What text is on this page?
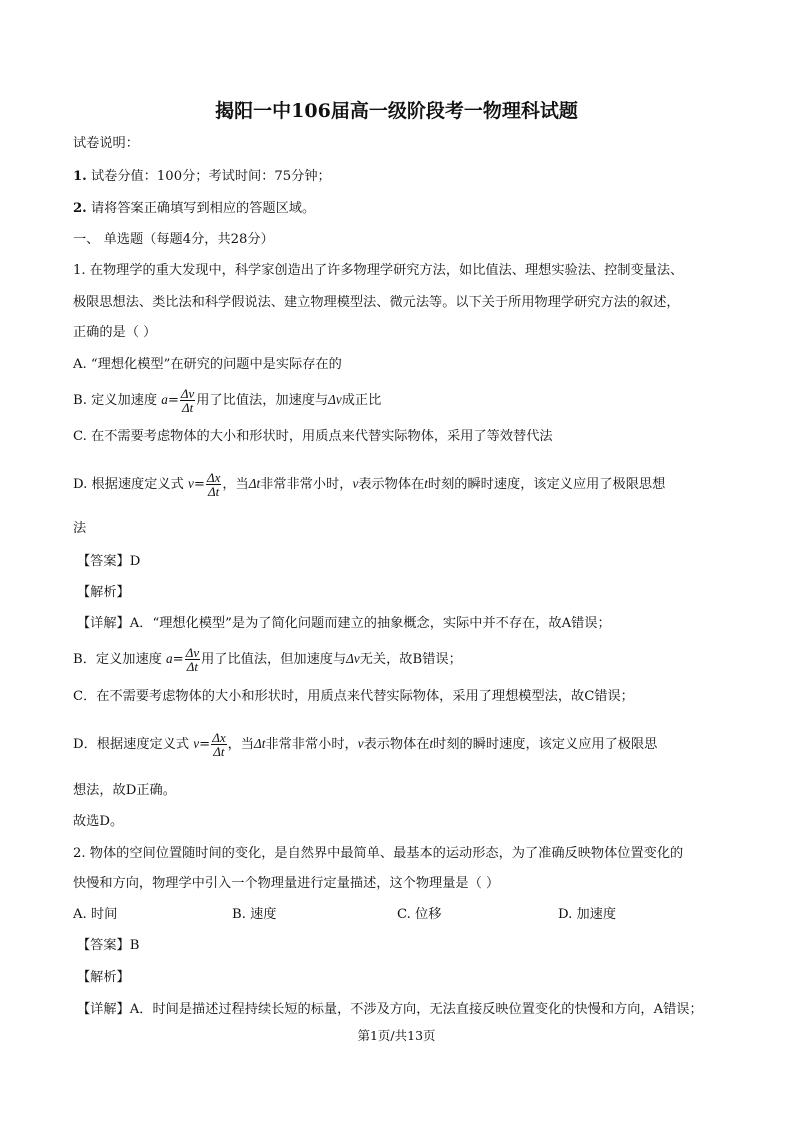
揭阳一中106届高一级阶段考一物理科试题
试卷说明：
1. 试卷分值：100分；考试时间：75分钟；
2. 请将答案正确填写到相应的答题区域。
一、 单选题（每题4分，共28分）
1. 在物理学的重大发现中，科学家创造出了许多物理学研究方法，如比值法、理想实验法、控制变量法、
极限思想法、类比法和科学假说法、建立物理模型法、微元法等。以下关于所用物理学研究方法的叙述，
正确的是（ ）
A. “理想化模型”在研究的问题中是实际存在的
B. 定义加速度 $a= \frac{\Delta v}{\Delta t}$ 用了比值法，加速度与Δv成正比
C. 在不需要考虑物体的大小和形状时，用质点来代替实际物体，采用了等效替代法
D. 根据速度定义式 $v= \frac{\Delta x}{\Delta t}$ ，当Δt非常非常小时，v表示物体在t时刻的瞬时速度，该定义应用了极限思想
法
【答案】D
【解析】
【详解】A．“理想化模型”是为了简化问题而建立的抽象概念，实际中并不存在，故A错误；
B．定义加速度 $a= \frac{\Delta v}{\Delta t}$ 用了比值法，但加速度与Δv无关，故B错误；
C．在不需要考虑物体的大小和形状时，用质点来代替实际物体，采用了理想模型法，故C错误；
D．根据速度定义式 $v= \frac{\Delta x}{\Delta t}$ ，当Δt非常非常小时，v表示物体在t时刻的瞬时速度，该定义应用了极限思
想法，故D正确。
故选D。
2. 物体的空间位置随时间的变化，是自然界中最简单、最基本的运动形态，为了准确反映物体位置变化的
快慢和方向，物理学中引入一个物理量进行定量描述，这个物理量是（ ）
A. 时间	B. 速度	C. 位移	D. 加速度
【答案】B
【解析】
【详解】A．时间是描述过程持续长短的标量，不涉及方向，无法直接反映位置变化的快慢和方向，A错误；
第1页/共13页
